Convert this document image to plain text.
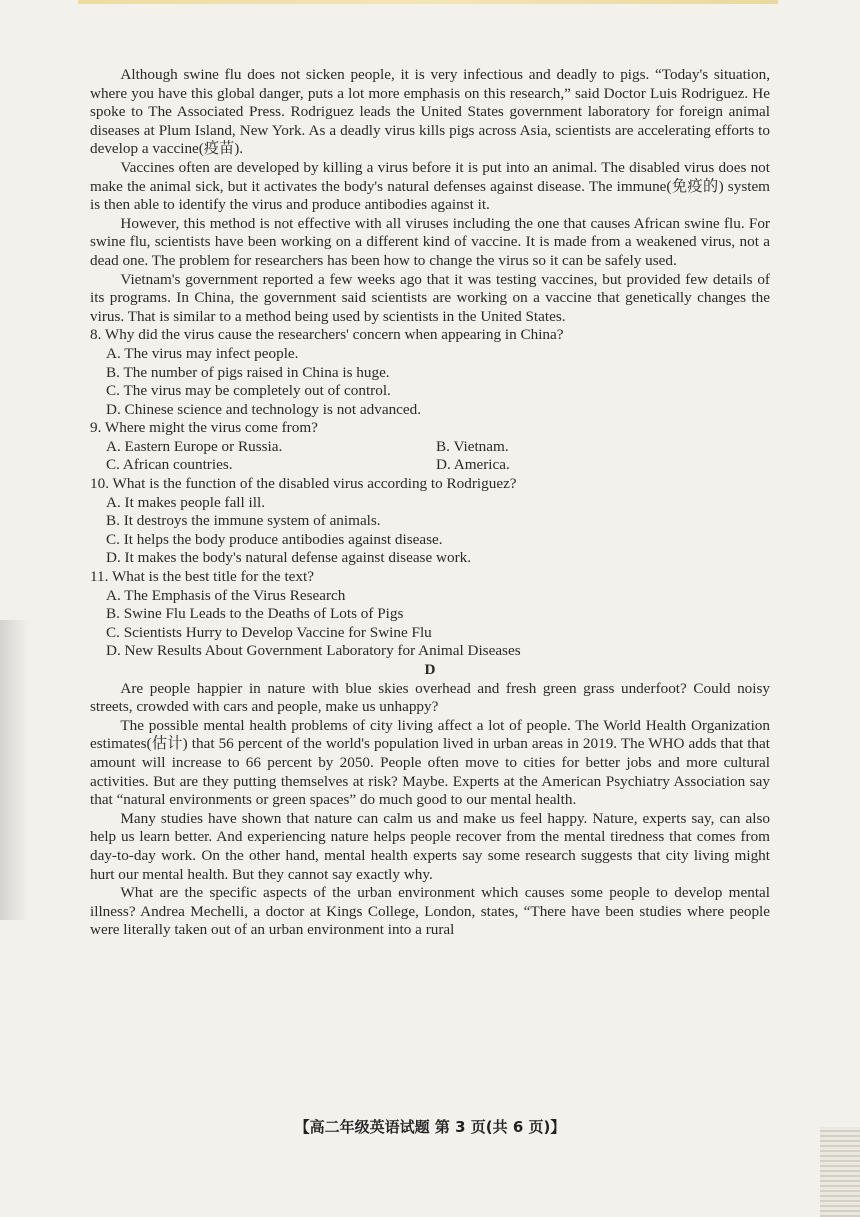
Although swine flu does not sicken people, it is very infectious and deadly to pigs. “Today's situation, where you have this global danger, puts a lot more emphasis on this research,” said Doctor Luis Rodriguez. He spoke to The Associated Press. Rodriguez leads the United States government laboratory for foreign animal diseases at Plum Island, New York. As a deadly virus kills pigs across Asia, scientists are accelerating efforts to develop a vaccine(疫苗).

Vaccines often are developed by killing a virus before it is put into an animal. The disabled virus does not make the animal sick, but it activates the body's natural defenses against disease. The immune(免疫的) system is then able to identify the virus and produce antibodies against it.

However, this method is not effective with all viruses including the one that causes African swine flu. For swine flu, scientists have been working on a different kind of vaccine. It is made from a weakened virus, not a dead one. The problem for researchers has been how to change the virus so it can be safely used.

Vietnam's government reported a few weeks ago that it was testing vaccines, but provided few details of its programs. In China, the government said scientists are working on a vaccine that genetically changes the virus. That is similar to a method being used by scientists in the United States.

8. Why did the virus cause the researchers' concern when appearing in China?

A. The virus may infect people.

B. The number of pigs raised in China is huge.

C. The virus may be completely out of control.

D. Chinese science and technology is not advanced.

9. Where might the virus come from?

A. Eastern Europe or Russia.	B. Vietnam.
C. African countries.	D. America.

10. What is the function of the disabled virus according to Rodriguez?

A. It makes people fall ill.

B. It destroys the immune system of animals.

C. It helps the body produce antibodies against disease.

D. It makes the body's natural defense against disease work.

11. What is the best title for the text?

A. The Emphasis of the Virus Research

B. Swine Flu Leads to the Deaths of Lots of Pigs

C. Scientists Hurry to Develop Vaccine for Swine Flu

D. New Results About Government Laboratory for Animal Diseases

D

Are people happier in nature with blue skies overhead and fresh green grass underfoot? Could noisy streets, crowded with cars and people, make us unhappy?

The possible mental health problems of city living affect a lot of people. The World Health Organization estimates(估计) that 56 percent of the world's population lived in urban areas in 2019. The WHO adds that that amount will increase to 66 percent by 2050. People often move to cities for better jobs and more cultural activities. But are they putting themselves at risk? Maybe. Experts at the American Psychiatry Association say that “natural environments or green spaces” do much good to our mental health.

Many studies have shown that nature can calm us and make us feel happy. Nature, experts say, can also help us learn better. And experiencing nature helps people recover from the mental tiredness that comes from day-to-day work. On the other hand, mental health experts say some research suggests that city living might hurt our mental health. But they cannot say exactly why.

What are the specific aspects of the urban environment which causes some people to develop mental illness? Andrea Mechelli, a doctor at Kings College, London, states, “There have been studies where people were literally taken out of an urban environment into a rural

【高二年级英语试题 第 3 页(共 6 页)】
